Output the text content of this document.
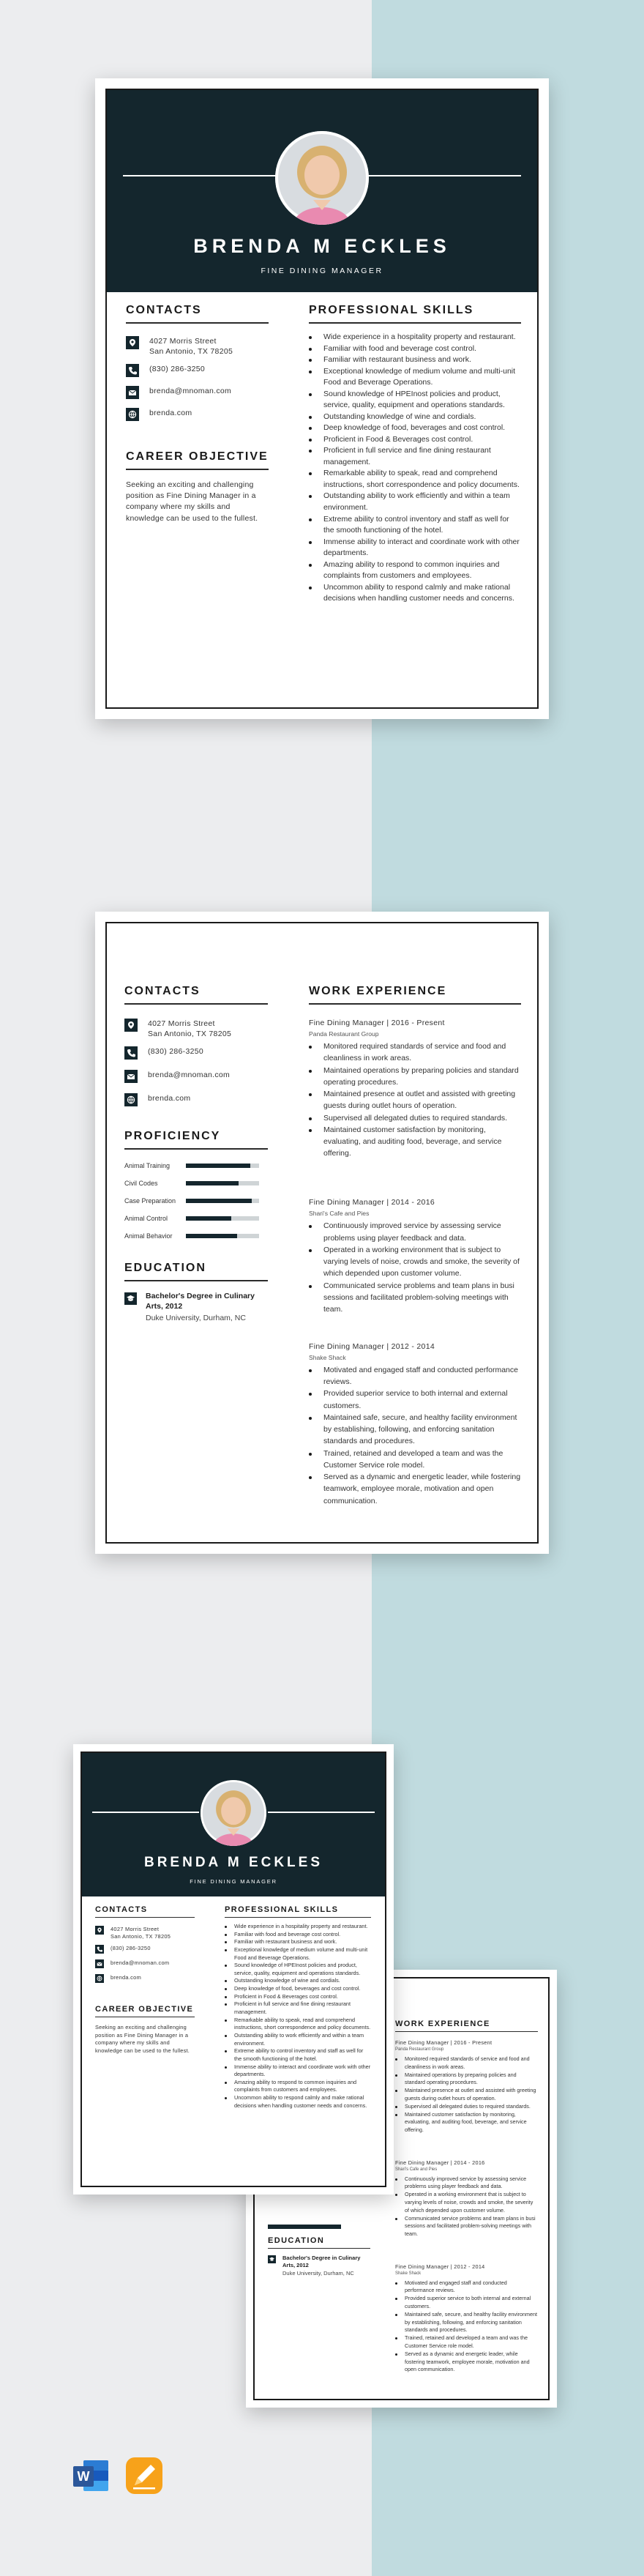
BRENDA M ECKLES
FINE DINING MANAGER
CONTACTS
CAREER OBJECTIVE
Seeking an exciting and challenging position as Fine Dining Manager in a company where my skills and knowledge can be used to the fullest.
PROFESSIONAL SKILLS
Wide experience in a hospitality property and restaurant.
Familiar with food and beverage cost control.
Familiar with restaurant business and work.
Exceptional knowledge of medium volume and multi-unit Food and Beverage Operations.
Sound knowledge of HPEInost policies and product, service, quality, equipment and operations standards.
Outstanding knowledge of wine and cordials.
Deep knowledge of food, beverages and cost control.
Proficient in Food & Beverages cost control.
Proficient in full service and fine dining restaurant management.
Remarkable ability to speak, read and comprehend instructions, short correspondence and policy documents.
Outstanding ability to work efficiently and within a team environment.
Extreme ability to control inventory and staff as well for the smooth functioning of the hotel.
Immense ability to interact and coordinate work with other departments.
Amazing ability to respond to common inquiries and complaints from customers and employees.
Uncommon ability to respond calmly and make rational decisions when handling customer needs and concerns.
4027 Morris Street
San Antonio, TX 78205
(830) 286-3250
brenda@mnoman.com
brenda.com
CONTACTS
PROFICIENCY
EDUCATION
Bachelor's Degree in Culinary Arts, 2012
Duke University, Durham, NC
WORK EXPERIENCE
4027 Morris Street
San Antonio, TX 78205
(830) 286-3250
brenda@mnoman.com
brenda.com
Animal Training
Civil Codes
Case Preparation
Animal Control
Animal Behavior
Fine Dining Manager | 2016 - Present
Panda Restaurant Group
Monitored required standards of service and food and cleanliness in work areas.
Maintained operations by preparing policies and standard operating procedures.
Maintained presence at outlet and assisted with greeting guests during outlet hours of operation.
Supervised all delegated duties to required standards.
Maintained customer satisfaction by monitoring, evaluating, and auditing food, beverage, and service offering.
Fine Dining Manager | 2014 - 2016
Shari's Cafe and Pies
Continuously improved service by assessing service problems using player feedback and data.
Operated in a working environment that is subject to varying levels of noise, crowds and smoke, the severity of which depended upon customer volume.
Communicated service problems and team plans in busi sessions and facilitated problem-solving meetings with team.
Fine Dining Manager | 2012 - 2014
Shake Shack
Motivated and engaged staff and conducted performance reviews.
Provided superior service to both internal and external customers.
Maintained safe, secure, and healthy facility environment by establishing, following, and enforcing sanitation standards and procedures.
Trained, retained and developed a team and was the Customer Service role model.
Served as a dynamic and energetic leader, while fostering teamwork, employee morale, motivation and open communication.
WORK EXPERIENCE
EDUCATION
Bachelor's Degree in Culinary Arts, 2012
Duke University, Durham, NC
Fine Dining Manager | 2016 - Present
Panda Restaurant Group
Monitored required standards of service and food and cleanliness in work areas.
Maintained operations by preparing policies and standard operating procedures.
Maintained presence at outlet and assisted with greeting guests during outlet hours of operation.
Supervised all delegated duties to required standards.
Maintained customer satisfaction by monitoring, evaluating, and auditing food, beverage, and service offering.
Fine Dining Manager | 2014 - 2016
Shari's Cafe and Pies
Continuously improved service by assessing service problems using player feedback and data.
Operated in a working environment that is subject to varying levels of noise, crowds and smoke, the severity of which depended upon customer volume.
Communicated service problems and team plans in busi sessions and facilitated problem-solving meetings with team.
Fine Dining Manager | 2012 - 2014
Shake Shack
Motivated and engaged staff and conducted performance reviews.
Provided superior service to both internal and external customers.
Maintained safe, secure, and healthy facility environment by establishing, following, and enforcing sanitation standards and procedures.
Trained, retained and developed a team and was the Customer Service role model.
Served as a dynamic and energetic leader, while fostering teamwork, employee morale, motivation and open communication.
BRENDA M ECKLES
FINE DINING MANAGER
CONTACTS
CAREER OBJECTIVE
Seeking an exciting and challenging position as Fine Dining Manager in a company where my skills and knowledge can be used to the fullest.
PROFESSIONAL SKILLS
Wide experience in a hospitality property and restaurant.
Familiar with food and beverage cost control.
Familiar with restaurant business and work.
Exceptional knowledge of medium volume and multi-unit Food and Beverage Operations.
Sound knowledge of HPEInost policies and product, service, quality, equipment and operations standards.
Outstanding knowledge of wine and cordials.
Deep knowledge of food, beverages and cost control.
Proficient in Food & Beverages cost control.
Proficient in full service and fine dining restaurant management.
Remarkable ability to speak, read and comprehend instructions, short correspondence and policy documents.
Outstanding ability to work efficiently and within a team environment.
Extreme ability to control inventory and staff as well for the smooth functioning of the hotel.
Immense ability to interact and coordinate work with other departments.
Amazing ability to respond to common inquiries and complaints from customers and employees.
Uncommon ability to respond calmly and make rational decisions when handling customer needs and concerns.
4027 Morris Street
San Antonio, TX 78205
(830) 286-3250
brenda@mnoman.com
brenda.com
W
